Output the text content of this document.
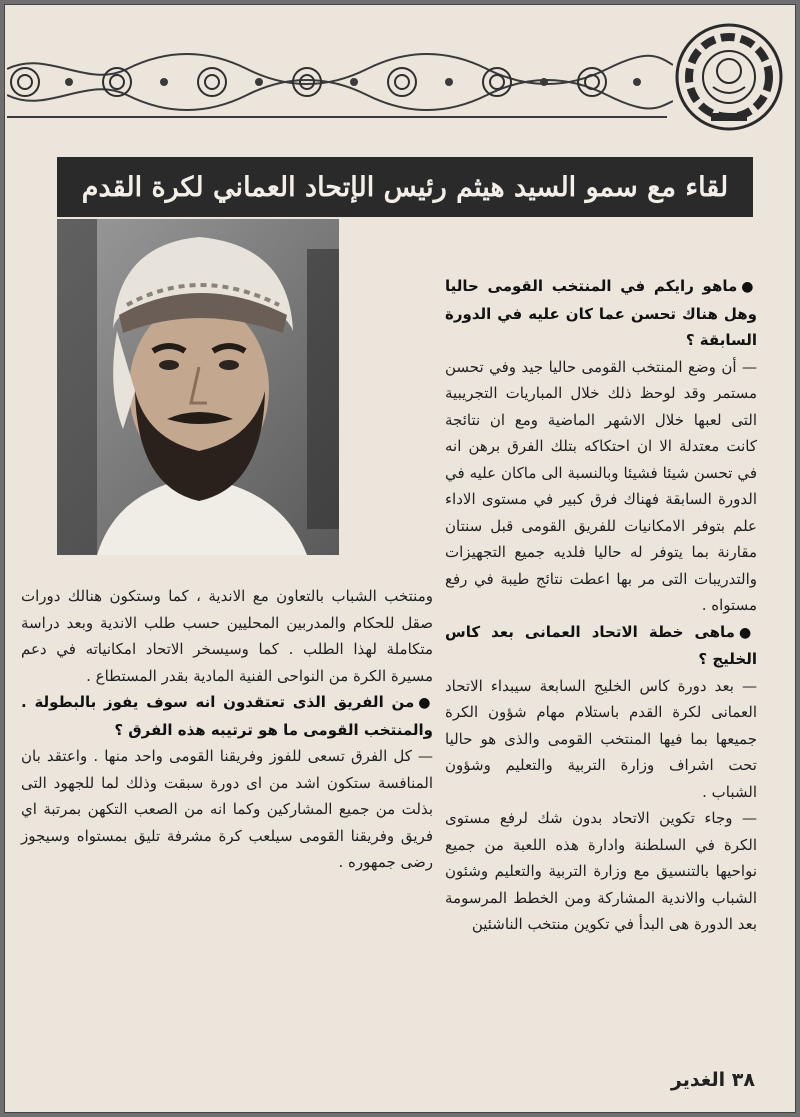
لقاء مع سمو السيد هيثم رئيس الإتحاد العماني لكرة القدم

●ماهو رايكم في المنتخب القومى حاليا وهل هناك تحسن عما كان عليه في الدورة السابقة ؟

— أن وضع المنتخب القومى حاليا جيد وفي تحسن مستمر وقد لوحظ ذلك خلال المباريات التجريبية التى لعبها خلال الاشهر الماضية ومع ان نتائجة كانت معتدلة الا ان احتكاكه بتلك الفرق برهن انه في تحسن شيئا فشيئا وبالنسبة الى ماكان عليه في الدورة السابقة فهناك فرق كبير في مستوى الاداء علم بتوفر الامكانيات للفريق القومى قبل سنتان مقارنة بما يتوفر له حاليا فلديه جميع التجهيزات والتدريبات التى مر بها اعطت نتائج طيبة في رفع مستواه .

●ماهى خطة الاتحاد العمانى بعد كاس الخليج ؟

— بعد دورة كاس الخليج السابعة سيبداء الاتحاد العمانى لكرة القدم باستلام مهام شؤون الكرة جميعها بما فيها المنتخب القومى والذى هو حاليا تحت اشراف وزارة التربية والتعليم وشؤون الشباب .

— وجاء تكوين الاتحاد بدون شك لرفع مستوى الكرة في السلطنة وادارة هذه اللعبة من جميع نواحيها بالتنسيق مع وزارة التربية والتعليم وشئون الشباب والاندية المشاركة ومن الخطط المرسومة بعد الدورة هى البدأ في تكوين منتخب الناشئين

ومنتخب الشباب بالتعاون مع الاندية ، كما وستكون هنالك دورات صقل للحكام والمدربين المحليين حسب طلب الاندية وبعد دراسة متكاملة لهذا الطلب . كما وسيسخر الاتحاد امكانياته في دعم مسيرة الكرة من النواحى الفنية المادية بقدر المستطاع .

●من الفريق الذى تعتقدون انه سوف يفوز بالبطولة . والمنتخب القومى ما هو ترتيبه هذه الفرق ؟

— كل الفرق تسعى للفوز وفريقنا القومى واحد منها . واعتقد بان المنافسة ستكون اشد من اى دورة سبقت وذلك لما للجهود التى بذلت من جميع المشاركين وكما انه من الصعب التكهن بمرتبة اي فريق وفريقنا القومى سيلعب كرة مشرفة تليق بمستواه وسيجوز رضى جمهوره .

٣٨ الغدير
